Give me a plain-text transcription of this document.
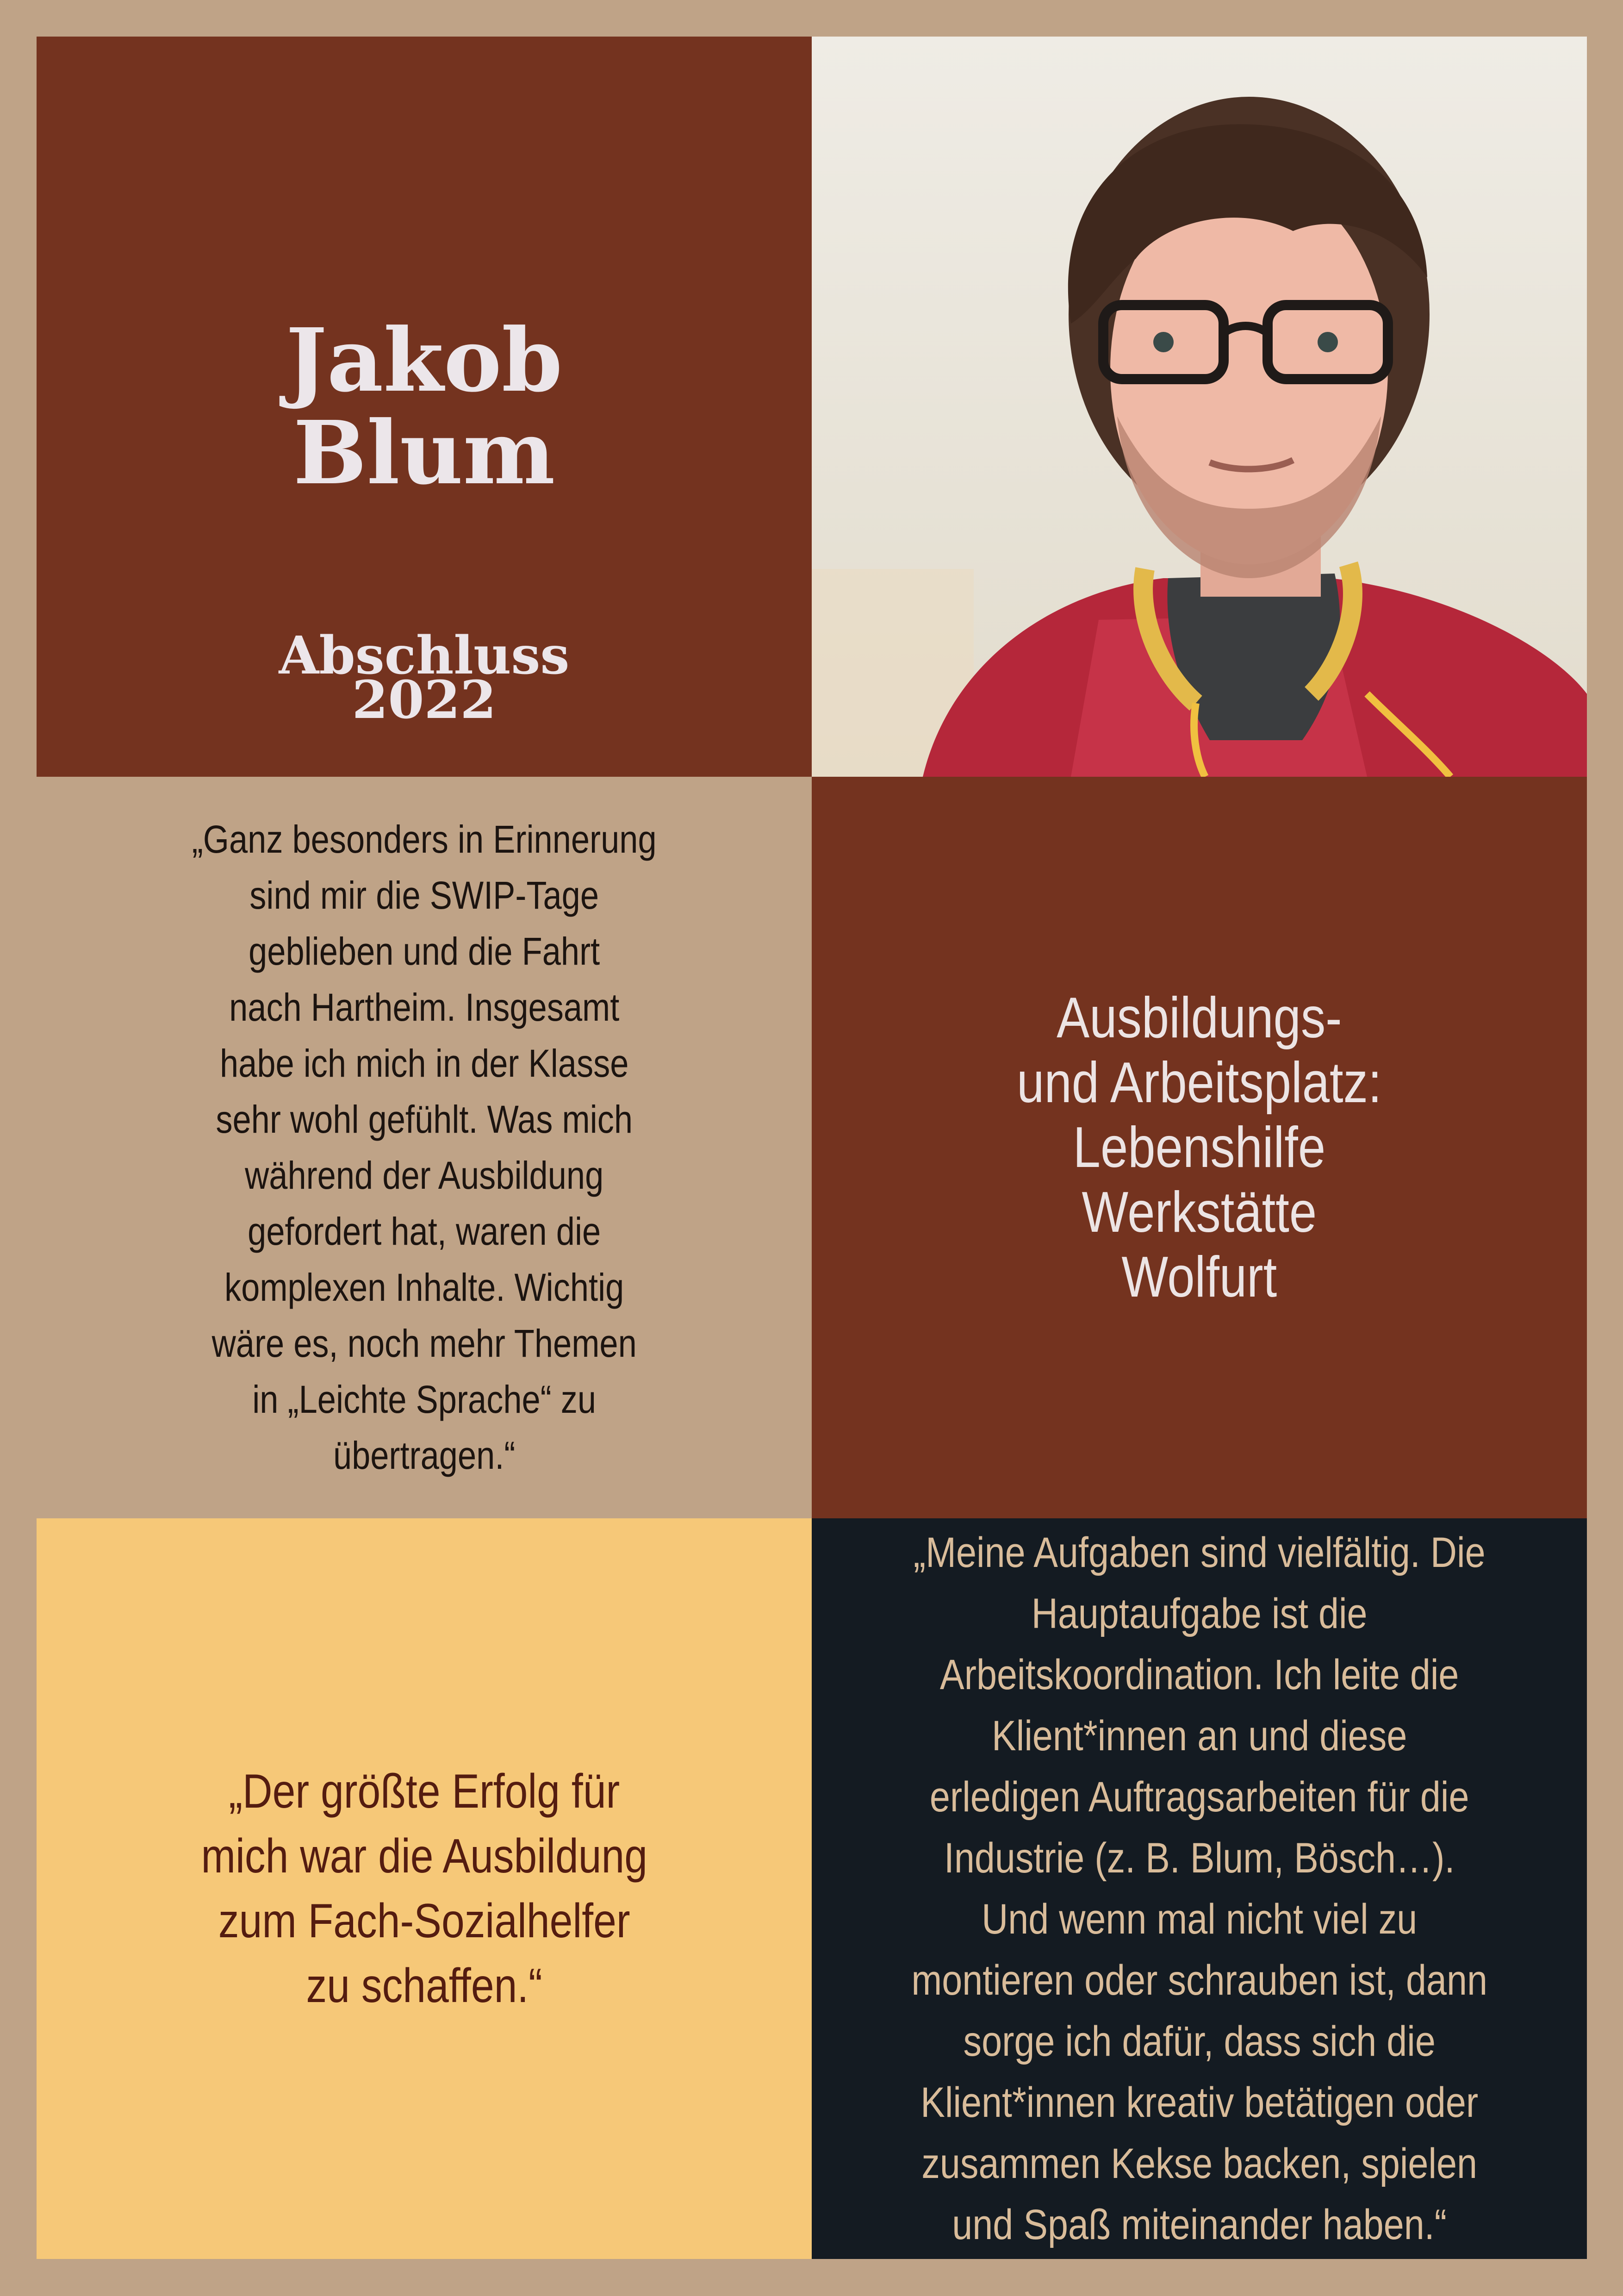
Jakob
Blum
Abschluss
2022
„Ganz besonders in Erinnerung
sind mir die SWIP-Tage
geblieben und die Fahrt
nach Hartheim. Insgesamt
habe ich mich in der Klasse
sehr wohl gefühlt. Was mich
während der Ausbildung
gefordert hat, waren die
komplexen Inhalte. Wichtig
wäre es, noch mehr Themen
in „Leichte Sprache“ zu
übertragen.“
Ausbildungs-
und Arbeitsplatz:
Lebenshilfe
Werkstätte
Wolfurt
„Der größte Erfolg für
mich war die Ausbildung
zum Fach-Sozialhelfer
zu schaffen.“
„Meine Aufgaben sind vielfältig. Die
Hauptaufgabe ist die
Arbeitskoordination. Ich leite die
Klient*innen an und diese
erledigen Auftragsarbeiten für die
Industrie (z. B. Blum, Bösch…).
Und wenn mal nicht viel zu
montieren oder schrauben ist, dann
sorge ich dafür, dass sich die
Klient*innen kreativ betätigen oder
zusammen Kekse backen, spielen
und Spaß miteinander haben.“
